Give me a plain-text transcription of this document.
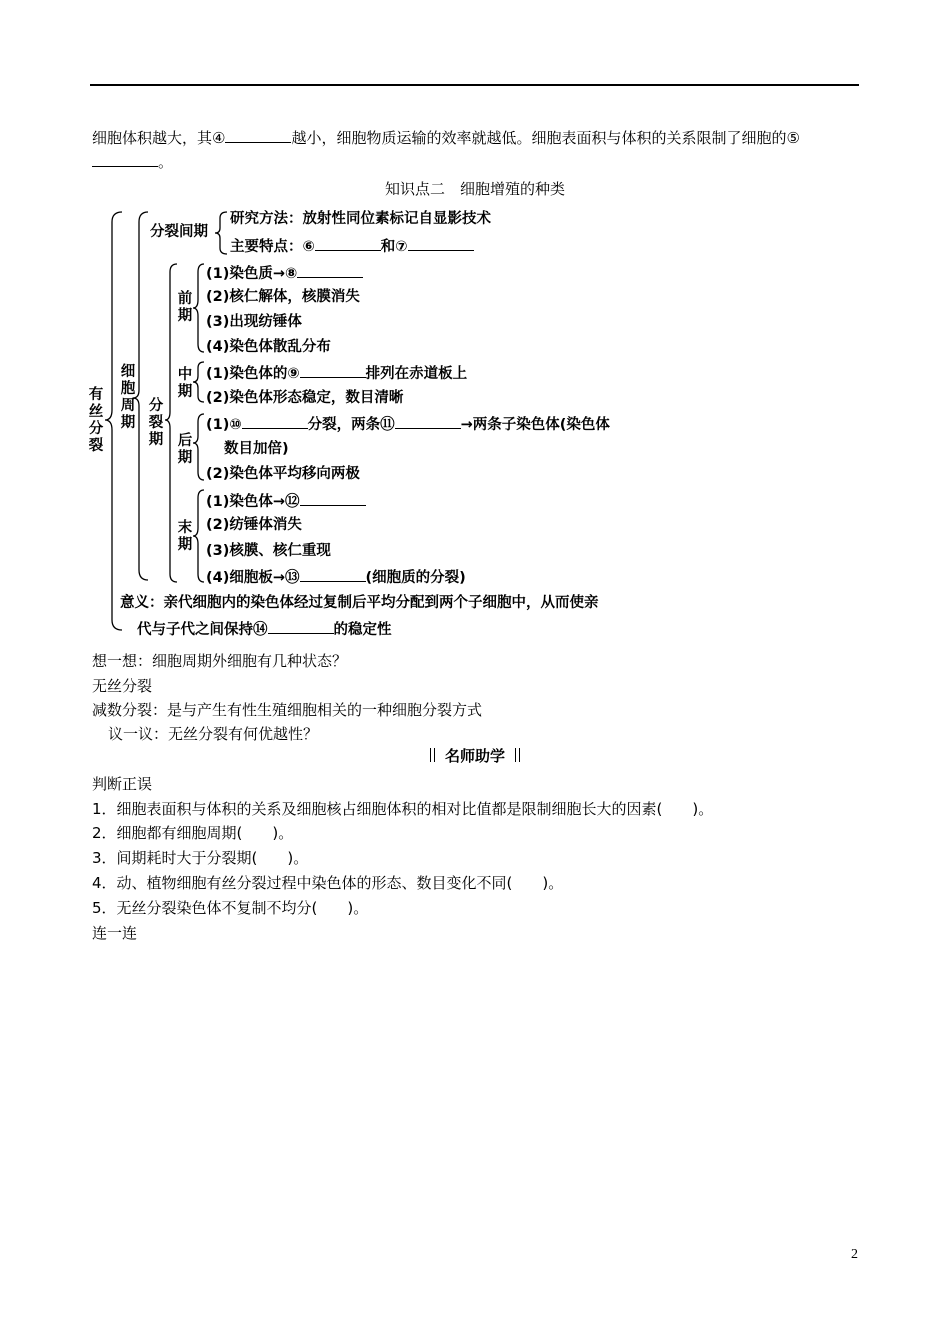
细胞体积越大，其④	越小，细胞物质运输的效率就越低。细胞表面积与体积的关系限制了细胞的⑤
。
知识点二　细胞增殖的种类
有丝分裂
细胞周期
分裂期
前期
中期
后期
末期
分裂间期
研究方法：放射性同位素标记自显影技术
主要特点：⑥	和⑦
(1)染色质→⑧
(2)核仁解体，核膜消失
(3)出现纺锤体
(4)染色体散乱分布
(1)染色体的⑨	排列在赤道板上
(2)染色体形态稳定，数目清晰
(1)⑩	分裂，两条⑪	→两条子染色体(染色体
数目加倍)
(2)染色体平均移向两极
(1)染色体→⑫
(2)纺锤体消失
(3)核膜、核仁重现
(4)细胞板→⑬	(细胞质的分裂)
意义：亲代细胞内的染色体经过复制后平均分配到两个子细胞中，从而使亲
代与子代之间保持⑭	的稳定性
想一想：细胞周期外细胞有几种状态？
无丝分裂
减数分裂：是与产生有性生殖细胞相关的一种细胞分裂方式
议一议：无丝分裂有何优越性？
名师助学
判断正误
1．细胞表面积与体积的关系及细胞核占细胞体积的相对比值都是限制细胞长大的因素(　　)。
2．细胞都有细胞周期(　　)。
3．间期耗时大于分裂期(　　)。
4．动、植物细胞有丝分裂过程中染色体的形态、数目变化不同(　　)。
5．无丝分裂染色体不复制不均分(　　)。
连一连
2
